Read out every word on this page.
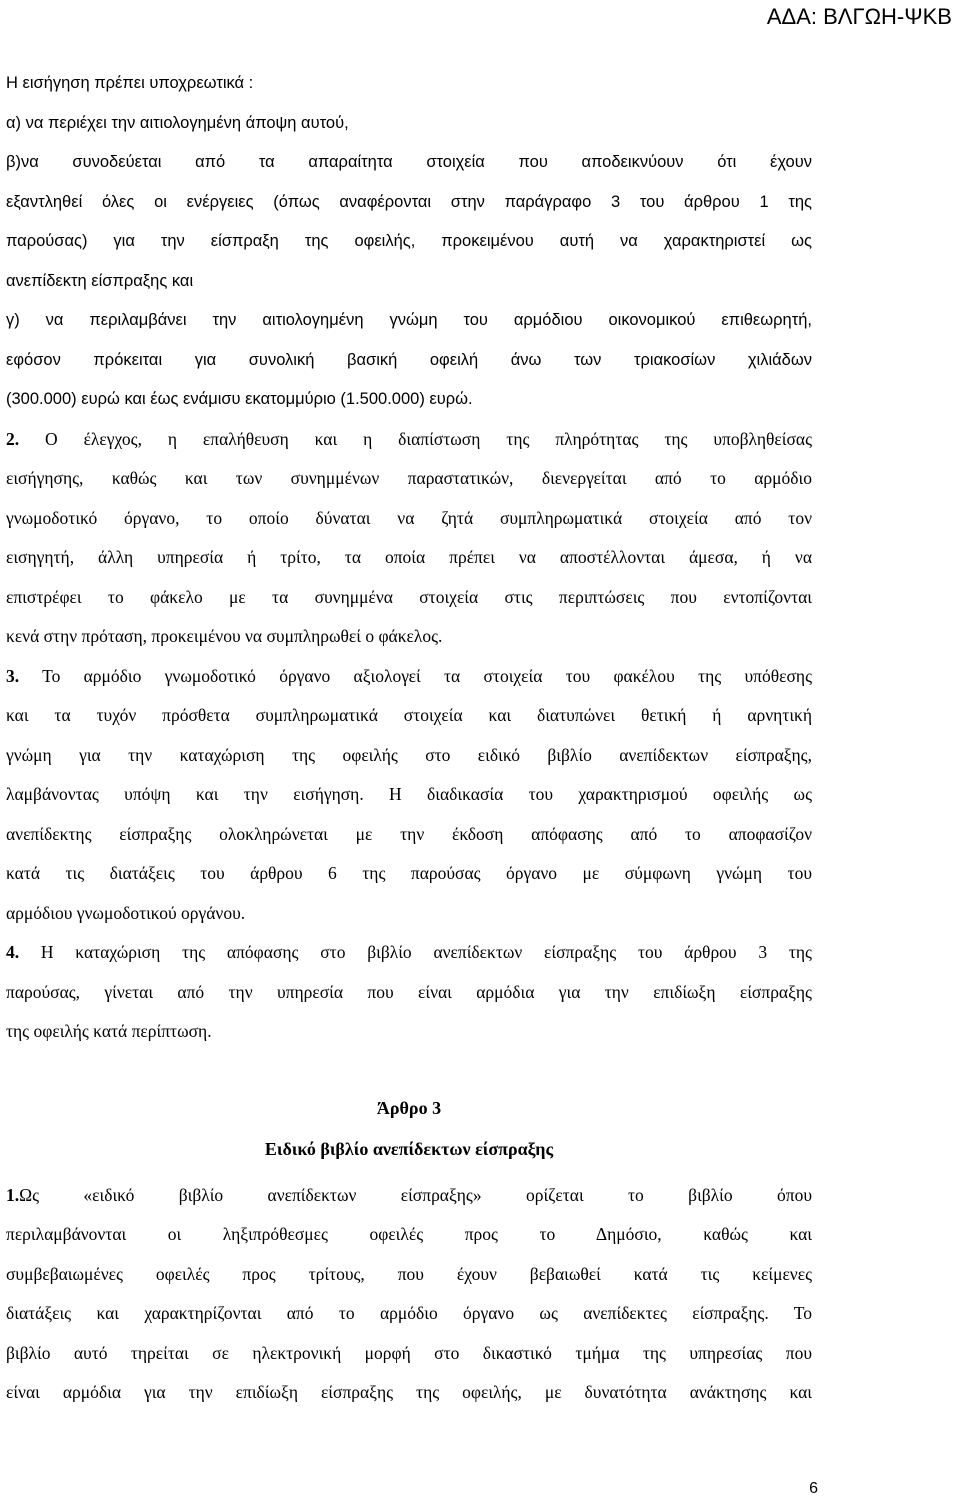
ΑΔΑ: ΒΛΓΩΗ-ΨΚΒ
Η εισήγηση πρέπει υποχρεωτικά :
α) να περιέχει την αιτιολογημένη άποψη αυτού,
β)να συνοδεύεται από τα απαραίτητα στοιχεία που αποδεικνύουν ότι έχουν
εξαντληθεί όλες οι ενέργειες (όπως αναφέρονται στην παράγραφο 3 του άρθρου 1 της
παρούσας) για την είσπραξη της οφειλής, προκειμένου αυτή να χαρακτηριστεί ως
ανεπίδεκτη είσπραξης και
γ) να περιλαμβάνει την αιτιολογημένη γνώμη του αρμόδιου οικονομικού επιθεωρητή,
εφόσον πρόκειται για συνολική βασική οφειλή άνω των τριακοσίων χιλιάδων
(300.000) ευρώ και έως ενάμισυ εκατομμύριο (1.500.000) ευρώ.
2. Ο έλεγχος, η επαλήθευση και η διαπίστωση της πληρότητας της υποβληθείσας
εισήγησης, καθώς και των συνημμένων παραστατικών, διενεργείται από το αρμόδιο
γνωμοδοτικό όργανο, το οποίο δύναται να ζητά συμπληρωματικά στοιχεία από τον
εισηγητή, άλλη υπηρεσία ή τρίτο, τα οποία πρέπει να αποστέλλονται άμεσα, ή να
επιστρέφει το φάκελο με τα συνημμένα στοιχεία στις περιπτώσεις που εντοπίζονται
κενά στην πρόταση, προκειμένου να συμπληρωθεί ο φάκελος.
3. Το αρμόδιο γνωμοδοτικό όργανο αξιολογεί τα στοιχεία του φακέλου της υπόθεσης
και τα τυχόν πρόσθετα συμπληρωματικά στοιχεία και διατυπώνει θετική ή αρνητική
γνώμη για την καταχώριση της οφειλής στο ειδικό βιβλίο ανεπίδεκτων είσπραξης,
λαμβάνοντας υπόψη και την εισήγηση. Η διαδικασία του χαρακτηρισμού οφειλής ως
ανεπίδεκτης είσπραξης ολοκληρώνεται με την έκδοση απόφασης από το αποφασίζον
κατά τις διατάξεις του άρθρου 6 της παρούσας όργανο με σύμφωνη γνώμη του
αρμόδιου γνωμοδοτικού οργάνου.
4. Η καταχώριση της απόφασης στο βιβλίο ανεπίδεκτων είσπραξης του άρθρου 3 της
παρούσας, γίνεται από την υπηρεσία που είναι αρμόδια για την επιδίωξη είσπραξης
της οφειλής κατά περίπτωση.
Άρθρο 3
Ειδικό βιβλίο ανεπίδεκτων είσπραξης
1.Ως «ειδικό βιβλίο ανεπίδεκτων είσπραξης» ορίζεται το βιβλίο όπου
περιλαμβάνονται οι ληξιπρόθεσμες οφειλές προς το Δημόσιο, καθώς και
συμβεβαιωμένες οφειλές προς τρίτους, που έχουν βεβαιωθεί κατά τις κείμενες
διατάξεις και χαρακτηρίζονται από το αρμόδιο όργανο ως ανεπίδεκτες είσπραξης. Το
βιβλίο αυτό τηρείται σε ηλεκτρονική μορφή στο δικαστικό τμήμα της υπηρεσίας που
είναι αρμόδια για την επιδίωξη είσπραξης της οφειλής, με δυνατότητα ανάκτησης και
6
